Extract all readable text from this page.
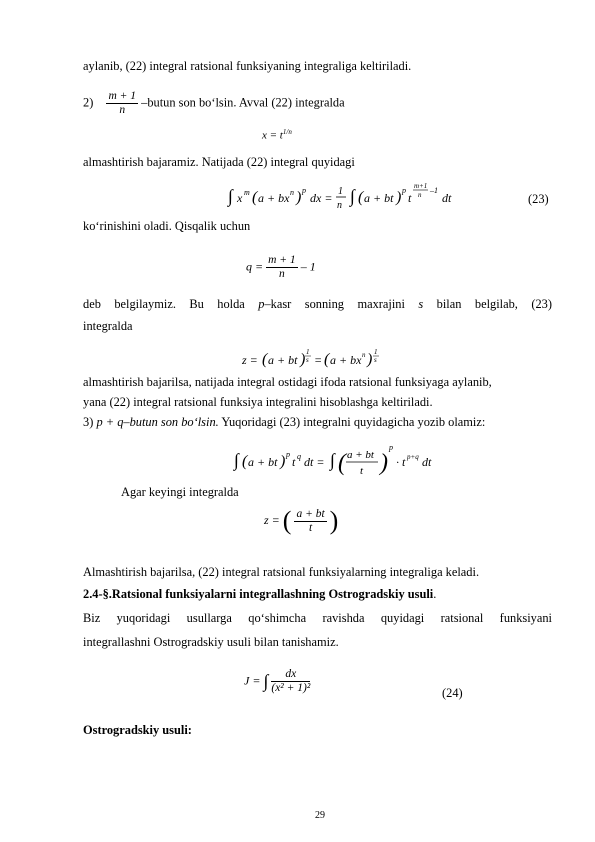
aylanib, (22) integral ratsional funksiyaning integraliga keltiriladi.
$2) \frac{m + 1}{n}$ –butun son bo‘lsin. Avval (22) integralda
$x = t^{1/n}$
almashtirish bajaramiz. Natijada (22) integral quyidagi
∫ x m ( a + bx n ) p
dx = 1
n ∫ ( a + bt ) p
t
m+1
n –1
dt	(23)
ko‘rinishini oladi. Qisqalik uchun
$q = \frac{m + 1}{n} - 1$
deb belgilaymiz. Bu holda p–kasr sonning maxrajini s bilan belgilab, (23)
integralda
z = ( a + bt ) 1
s = ( a + bx n ) 1
s
almashtirish bajarilsa, natijada integral ostidagi ifoda ratsional funksiyaga aylanib,
yana (22) integral ratsional funksiya integralini hisoblashga keltiriladi.
3) p + q–butun son bo‘lsin. Yuqoridagi (23) integralni quyidagicha yozib olamiz:
∫ ( a + bt ) p
t q dt = ∫ ( a + bt
t )
p
· t p+q dt
Agar keyingi integralda
z = ( $\frac{a + bt}{t}$ )
Almashtirish bajarilsa, (22) integral ratsional funksiyalarning integraliga keladi.
2.4-§.Ratsional funksiyalarni integrallashning Ostrogradskiy usuli.
Biz yuqoridagi usullarga qo‘shimcha ravishda quyidagi ratsional funksiyani
integrallashni Ostrogradskiy usuli bilan tanishamiz.
J = ∫ $\frac{dx}{\text{(x² + 1)²}}$	(24)
Ostrogradskiy usuli:
29
